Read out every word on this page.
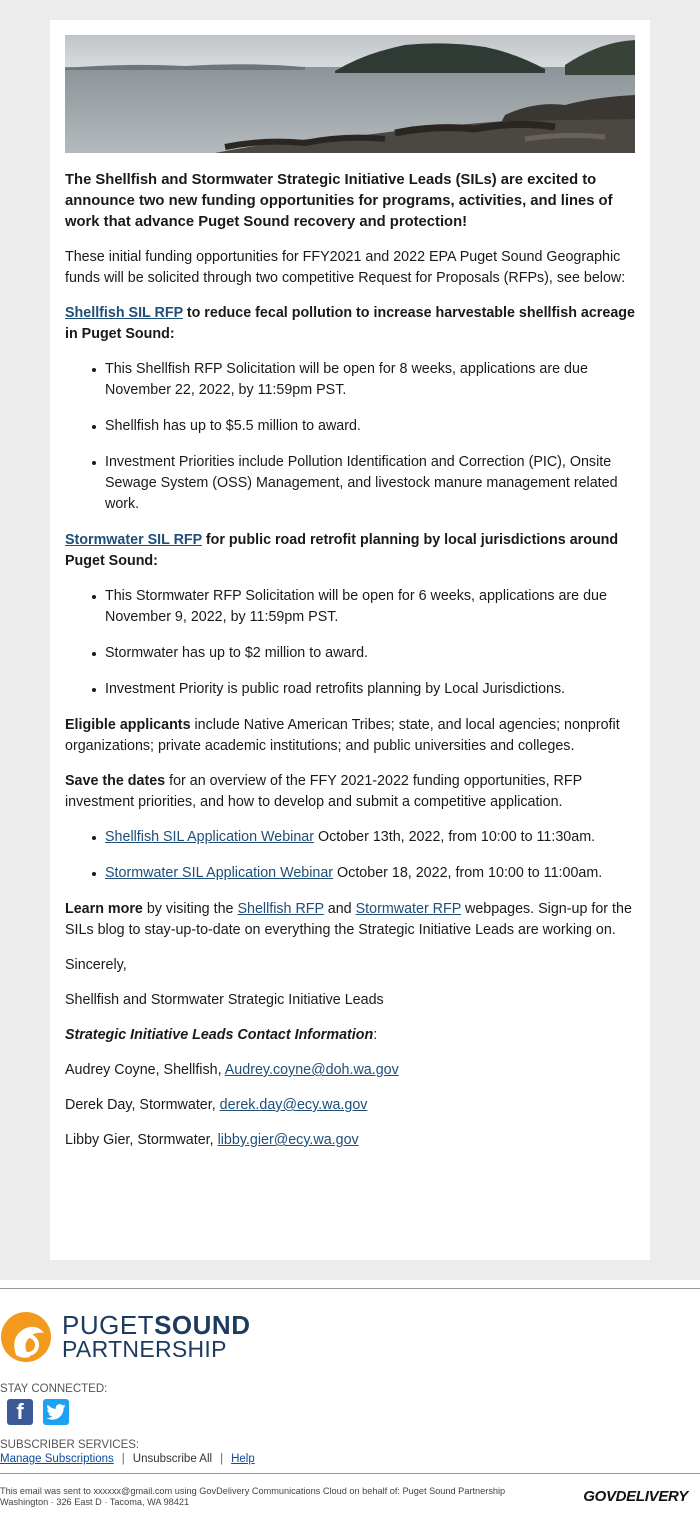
The Shellfish and Stormwater Strategic Initiative Leads (SILs) are excited to announce two new funding opportunities for programs, activities, and lines of work that advance Puget Sound recovery and protection!

These initial funding opportunities for FFY2021 and 2022 EPA Puget Sound Geographic funds will be solicited through two competitive Request for Proposals (RFPs), see below:

Shellfish SIL RFP to reduce fecal pollution to increase harvestable shellfish acreage in Puget Sound:

This Shellfish RFP Solicitation will be open for 8 weeks, applications are due November 22, 2022, by 11:59pm PST.
Shellfish has up to $5.5 million to award.
Investment Priorities include Pollution Identification and Correction (PIC), Onsite Sewage System (OSS) Management, and livestock manure management related work.

Stormwater SIL RFP for public road retrofit planning by local jurisdictions around Puget Sound:

This Stormwater RFP Solicitation will be open for 6 weeks, applications are due November 9, 2022, by 11:59pm PST.
Stormwater has up to $2 million to award.
Investment Priority is public road retrofits planning by Local Jurisdictions.

Eligible applicants include Native American Tribes; state, and local agencies; nonprofit organizations; private academic institutions; and public universities and colleges.

Save the dates for an overview of the FFY 2021-2022 funding opportunities, RFP investment priorities, and how to develop and submit a competitive application.

Shellfish SIL Application Webinar October 13th, 2022, from 10:00 to 11:30am.
Stormwater SIL Application Webinar October 18, 2022, from 10:00 to 11:00am.

Learn more by visiting the Shellfish RFP and Stormwater RFP webpages. Sign-up for the SILs blog to stay-up-to-date on everything the Strategic Initiative Leads are working on.

Sincerely,

Shellfish and Stormwater Strategic Initiative Leads

Strategic Initiative Leads Contact Information:

Audrey Coyne, Shellfish, Audrey.coyne@doh.wa.gov

Derek Day, Stormwater, derek.day@ecy.wa.gov

Libby Gier, Stormwater, libby.gier@ecy.wa.gov

PUGETSOUND
PARTNERSHIP
STAY CONNECTED:
f
SUBSCRIBER SERVICES:
Manage Subscriptions | Unsubscribe All | Help
This email was sent to xxxxxx@gmail.com using GovDelivery Communications Cloud on behalf of: Puget Sound Partnership
Washington · 326 East D · Tacoma, WA 98421	GOVDELIVERY
